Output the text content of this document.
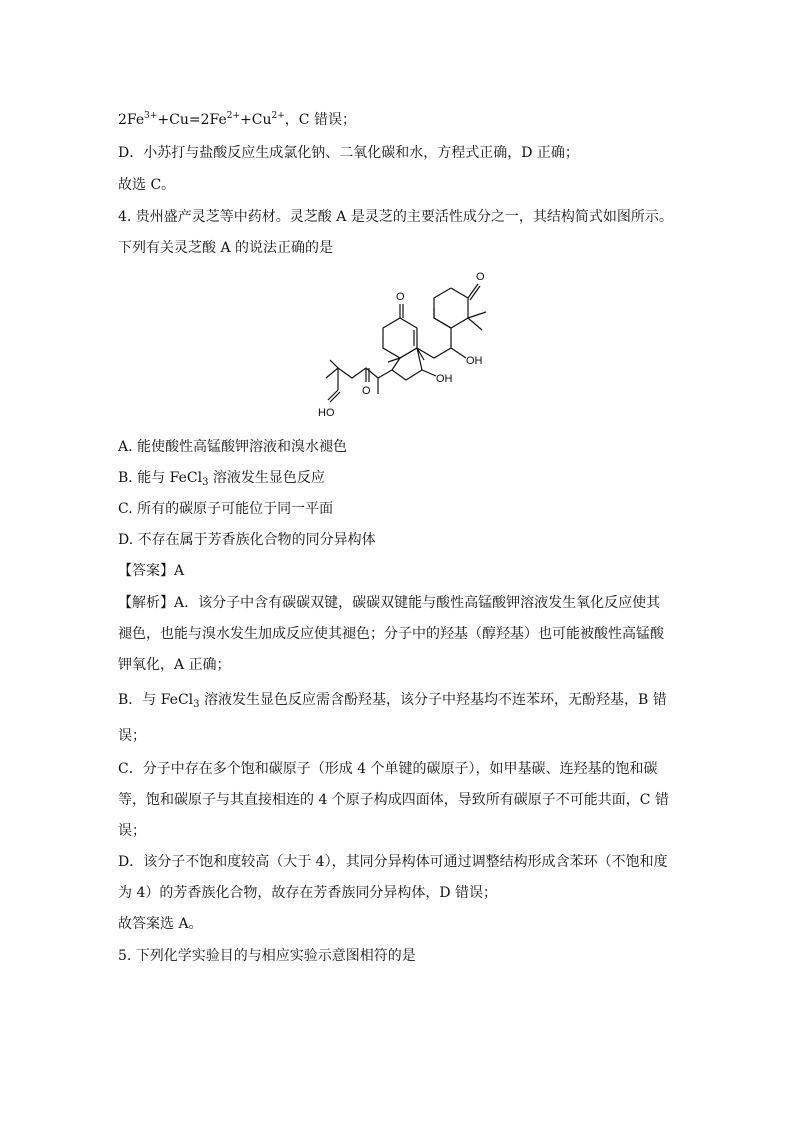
$2Fe^{3+}+Cu=2Fe^{2+}+Cu^{2+}$，C 错误；
D．小苏打与盐酸反应生成氯化钠、二氧化碳和水，方程式正确，D 正确；
故选 C。
4. 贵州盛产灵芝等中药材。灵芝酸 A 是灵芝的主要活性成分之一，其结构简式如图所示。
下列有关灵芝酸 A 的说法正确的是
O
O
O
OH
OH
HO
A. 能使酸性高锰酸钾溶液和溴水褪色
B. 能与 FeCl$_3$ 溶液发生显色反应
C. 所有的碳原子可能位于同一平面
D. 不存在属于芳香族化合物的同分异构体
【答案】A
【解析】A．该分子中含有碳碳双键，碳碳双键能与酸性高锰酸钾溶液发生氧化反应使其
褪色，也能与溴水发生加成反应使其褪色；分子中的羟基（醇羟基）也可能被酸性高锰酸
钾氧化，A 正确；
B．与 FeCl$_3$ 溶液发生显色反应需含酚羟基，该分子中羟基均不连苯环，无酚羟基，B 错
误；
C．分子中存在多个饱和碳原子（形成 4 个单键的碳原子），如甲基碳、连羟基的饱和碳
等，饱和碳原子与其直接相连的 4 个原子构成四面体，导致所有碳原子不可能共面，C 错
误；
D．该分子不饱和度较高（大于 4），其同分异构体可通过调整结构形成含苯环（不饱和度
为 4）的芳香族化合物，故存在芳香族同分异构体，D 错误；
故答案选 A。
5. 下列化学实验目的与相应实验示意图相符的是
